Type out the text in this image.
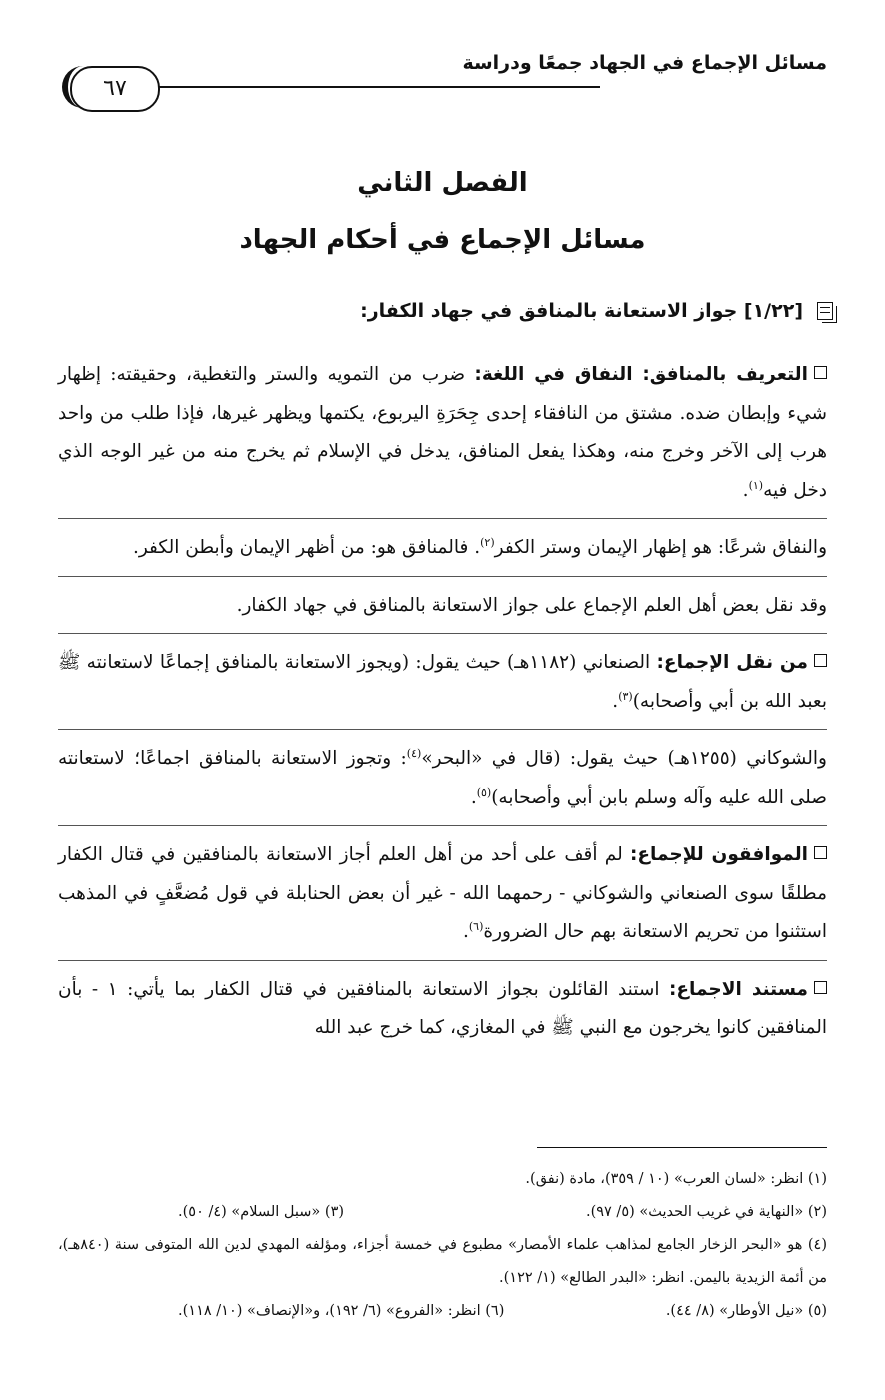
مسائل الإجماع في الجهاد جمعًا ودراسة
٦٧
الفصل الثاني
مسائل الإجماع في أحكام الجهاد
[١/٢٢] جواز الاستعانة بالمنافق في جهاد الكفار:

التعريف بالمنافق: النفاق في اللغة: ضرب من التمويه والستر والتغطية، وحقيقته: إظهار شيء وإبطان ضده. مشتق من النافقاء إحدى جِحَرَةِ اليربوع، يكتمها ويظهر غيرها، فإذا طلب من واحد هرب إلى الآخر وخرج منه، وهكذا يفعل المنافق، يدخل في الإسلام ثم يخرج منه من غير الوجه الذي دخل فيه$^{(١)}$.

والنفاق شرعًا: هو إظهار الإيمان وستر الكفر$^{(٢)}$. فالمنافق هو: من أظهر الإيمان وأبطن الكفر.

وقد نقل بعض أهل العلم الإجماع على جواز الاستعانة بالمنافق في جهاد الكفار.

من نقل الإجماع: الصنعاني (١١٨٢هـ) حيث يقول: (ويجوز الاستعانة بالمنافق إجماعًا لاستعانته ﷺ بعبد الله بن أبي وأصحابه)$^{(٣)}$.

والشوكاني (١٢٥٥هـ) حيث يقول: (قال في «البحر»$^{(٤)}$: وتجوز الاستعانة بالمنافق اجماعًا؛ لاستعانته صلى الله عليه وآله وسلم بابن أبي وأصحابه)$^{(٥)}$.

الموافقون للإجماع: لم أقف على أحد من أهل العلم أجاز الاستعانة بالمنافقين في قتال الكفار مطلقًا سوى الصنعاني والشوكاني - رحمهما الله - غير أن بعض الحنابلة في قول مُضعَّفٍ في المذهب استثنوا من تحريم الاستعانة بهم حال الضرورة$^{(٦)}$.

مستند الاجماع: استند القائلون بجواز الاستعانة بالمنافقين في قتال الكفار بما يأتي: ١ - بأن المنافقين كانوا يخرجون مع النبي ﷺ في المغازي، كما خرج عبد الله

(١) انظر: «لسان العرب» (١٠ / ٣٥٩)، مادة (نفق).

(٢) «النهاية في غريب الحديث» (٥/ ٩٧).
(٣) «سبل السلام» (٤/ ٥٠).

(٤) هو «البحر الزخار الجامع لمذاهب علماء الأمصار» مطبوع في خمسة أجزاء، ومؤلفه المهدي لدين الله المتوفى سنة (٨٤٠هـ)، من أئمة الزيدية باليمن. انظر: «البدر الطالع» (١/ ١٢٢).

(٥) «نيل الأوطار» (٨/ ٤٤).
(٦) انظر: «الفروع» (٦/ ١٩٢)، و«الإنصاف» (١٠/ ١١٨).
